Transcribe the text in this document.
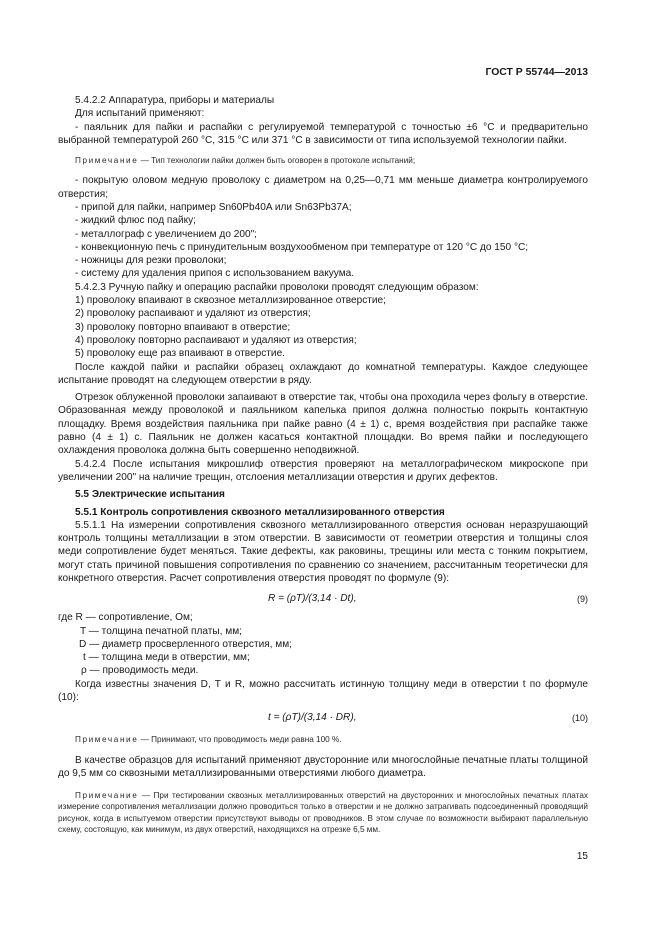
ГОСТ Р 55744—2013

5.4.2.2 Аппаратура, приборы и материалы

Для испытаний применяют:

- паяльник для пайки и распайки с регулируемой температурой с точностью ±6 °С и предварительно выбранной температурой 260 °С, 315 °С или 371 °С в зависимости от типа используемой технологии пайки.

Примечание — Тип технологии пайки должен быть оговорен в протоколе испытаний;

- покрытую оловом медную проволоку с диаметром на 0,25—0,71 мм меньше диаметра контролируемого отверстия;

- припой для пайки, например Sn60Pb40A или Sn63Pb37A;

- жидкий флюс под пайку;

- металлограф с увеличением до 200";

- конвекционную печь с принудительным воздухообменом при температуре от 120 °С до 150 °С;

- ножницы для резки проволоки;

- систему для удаления припоя с использованием вакуума.

5.4.2.3 Ручную пайку и операцию распайки проволоки проводят следующим образом:

1) проволоку впаивают в сквозное металлизированное отверстие;

2) проволоку распаивают и удаляют из отверстия;

3) проволоку повторно впаивают в отверстие;

4) проволоку повторно распаивают и удаляют из отверстия;

5) проволоку еще раз впаивают в отверстие.

После каждой пайки и распайки образец охлаждают до комнатной температуры. Каждое следующее испытание проводят на следующем отверстии в ряду.

Отрезок облуженной проволоки запаивают в отверстие так, чтобы она проходила через фольгу в отверстие. Образованная между проволокой и паяльником капелька припоя должна полностью покрыть контактную площадку. Время воздействия паяльника при пайке равно (4 ± 1) с, время воздействия при распайке также равно (4 ± 1) с. Паяльник не должен касаться контактной площадки. Во время пайки и последующего охлаждения проволока должна быть совершенно неподвижной.

5.4.2.4 После испытания микрошлиф отверстия проверяют на металлографическом микроскопе при увеличении 200" на наличие трещин, отслоения металлизации отверстия и других дефектов.

5.5 Электрические испытания

5.5.1 Контроль сопротивления сквозного металлизированного отверстия

5.5.1.1 На измерении сопротивления сквозного металлизированного отверстия основан неразрушающий контроль толщины металлизации в этом отверстии. В зависимости от геометрии отверстия и толщины слоя меди сопротивление будет меняться. Такие дефекты, как раковины, трещины или места с тонким покрытием, могут стать причиной повышения сопротивления по сравнению со значением, рассчитанным теоретически для конкретного отверстия. Расчет сопротивления отверстия проводят по формуле (9):

R = (ρT)/(3,14 · Dt),	(9)
где R — сопротивление, Ом;
T — толщина печатной платы, мм;
D — диаметр просверленного отверстия, мм;
t — толщина меди в отверстии, мм;
ρ — проводимость меди.

Когда известны значения D, T и R, можно рассчитать истинную толщину меди в отверстии t по формуле (10):

t = (ρT)/(3,14 · DR),	(10)

Примечание — Принимают, что проводимость меди равна 100 %.

В качестве образцов для испытаний применяют двусторонние или многослойные печатные платы толщиной до 9,5 мм со сквозными металлизированными отверстиями любого диаметра.

Примечание — При тестировании сквозных металлизированных отверстий на двусторонних и многослойных печатных платах измерение сопротивления металлизации должно проводиться только в отверстии и не должно затрагивать подсоединенный проводящий рисунок, когда в испытуемом отверстии присутствуют выводы от проводников. В этом случае по возможности выбирают параллельную схему, состоящую, как минимум, из двух отверстий, находящихся на отрезке 6,5 мм.

15
